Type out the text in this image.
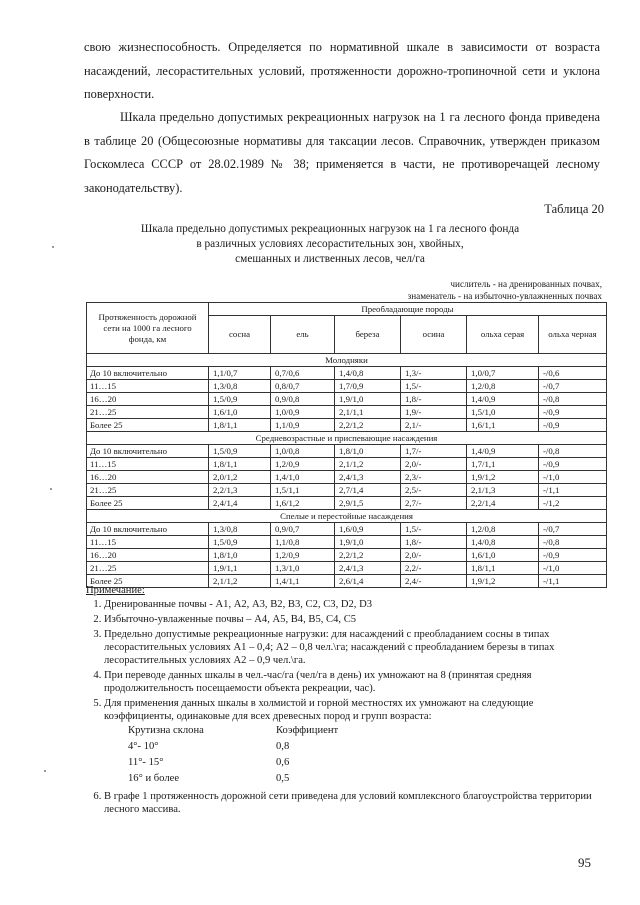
свою жизнеспособность. Определяется по нормативной шкале в зависимости от возраста насаждений, лесорастительных условий, протяженности дорожно-тропиночной сети и уклона поверхности.

Шкала предельно допустимых рекреационных нагрузок на 1 га лесного фонда приведена в таблице 20 (Общесоюзные нормативы для таксации лесов. Справочник, утвержден приказом Госкомлеса СССР от 28.02.1989 № 38; применяется в части, не противоречащей лесному законодательству).

Таблица 20
Шкала предельно допустимых рекреационных нагрузок на 1 га лесного фонда
в различных условиях лесорастительных зон, хвойных,
смешанных и лиственных лесов, чел/га
числитель - на дренированных почвах,
знаменатель - на избыточно-увлажненных почвах
Протяженность дорожной сети на 1000 га лесного фонда, км	Преобладающие породы					
	сосна	ель	береза	осина	ольха серая	ольха черная
Молодняки						
До 10 включительно	1,1/0,7	0,7/0,6	1,4/0,8	1,3/-	1,0/0,7	-/0,6
11…15	1,3/0,8	0,8/0,7	1,7/0,9	1,5/-	1,2/0,8	-/0,7
16…20	1,5/0,9	0,9/0,8	1,9/1,0	1,8/-	1,4/0,9	-/0,8
21…25	1,6/1,0	1,0/0,9	2,1/1,1	1,9/-	1,5/1,0	-/0,9
Более 25	1,8/1,1	1,1/0,9	2,2/1,2	2,1/-	1,6/1,1	-/0,9
Средневозрастные и приспевающие насаждения						
До 10 включительно	1,5/0,9	1,0/0,8	1,8/1,0	1,7/-	1,4/0,9	-/0,8
11…15	1,8/1,1	1,2/0,9	2,1/1,2	2,0/-	1,7/1,1	-/0,9
16…20	2,0/1,2	1,4/1,0	2,4/1,3	2,3/-	1,9/1,2	-/1,0
21…25	2,2/1,3	1,5/1,1	2,7/1,4	2,5/-	2,1/1,3	-/1,1
Более 25	2,4/1,4	1,6/1,2	2,9/1,5	2,7/-	2,2/1,4	-/1,2
Спелые и перестойные насаждения						
До 10 включительно	1,3/0,8	0,9/0,7	1,6/0,9	1,5/-	1,2/0,8	-/0,7
11…15	1,5/0,9	1,1/0,8	1,9/1,0	1,8/-	1,4/0,8	-/0,8
16…20	1,8/1,0	1,2/0,9	2,2/1,2	2,0/-	1,6/1,0	-/0,9
21…25	1,9/1,1	1,3/1,0	2,4/1,3	2,2/-	1,8/1,1	-/1,0
Более 25	2,1/1,2	1,4/1,1	2,6/1,4	2,4/-	1,9/1,2	-/1,1

Примечание:

1. Дренированные почвы - А1, А2, А3, В2, В3, С2, С3, D2, D3
2. Избыточно-увлаженные почвы – А4, А5, В4, В5, С4, С5
3. Предельно допустимые рекреационные нагрузки: для насаждений с преобладанием сосны в типах лесорастительных условиях А1 – 0,4; А2 – 0,8 чел.\га; насаждений с преобладанием березы в типах лесорастительных условиях А2 – 0,9 чел.\га.
4. При переводе данных шкалы в чел.-час/га (чел/га в день) их умножают на 8 (принятая средняя продолжительность посещаемости объекта рекреации, час).
5. Для применения данных шкалы в холмистой и горной местностях их умножают на следующие коэффициенты, одинаковые для всех древесных пород и групп возраста:
Крутизна склона	Коэффициент
4°- 10°	0,8
11°- 15°	0,6
16° и более	0,5
6. В графе 1 протяженность дорожной сети приведена для условий комплексного благоустройства территории лесного массива.
95
